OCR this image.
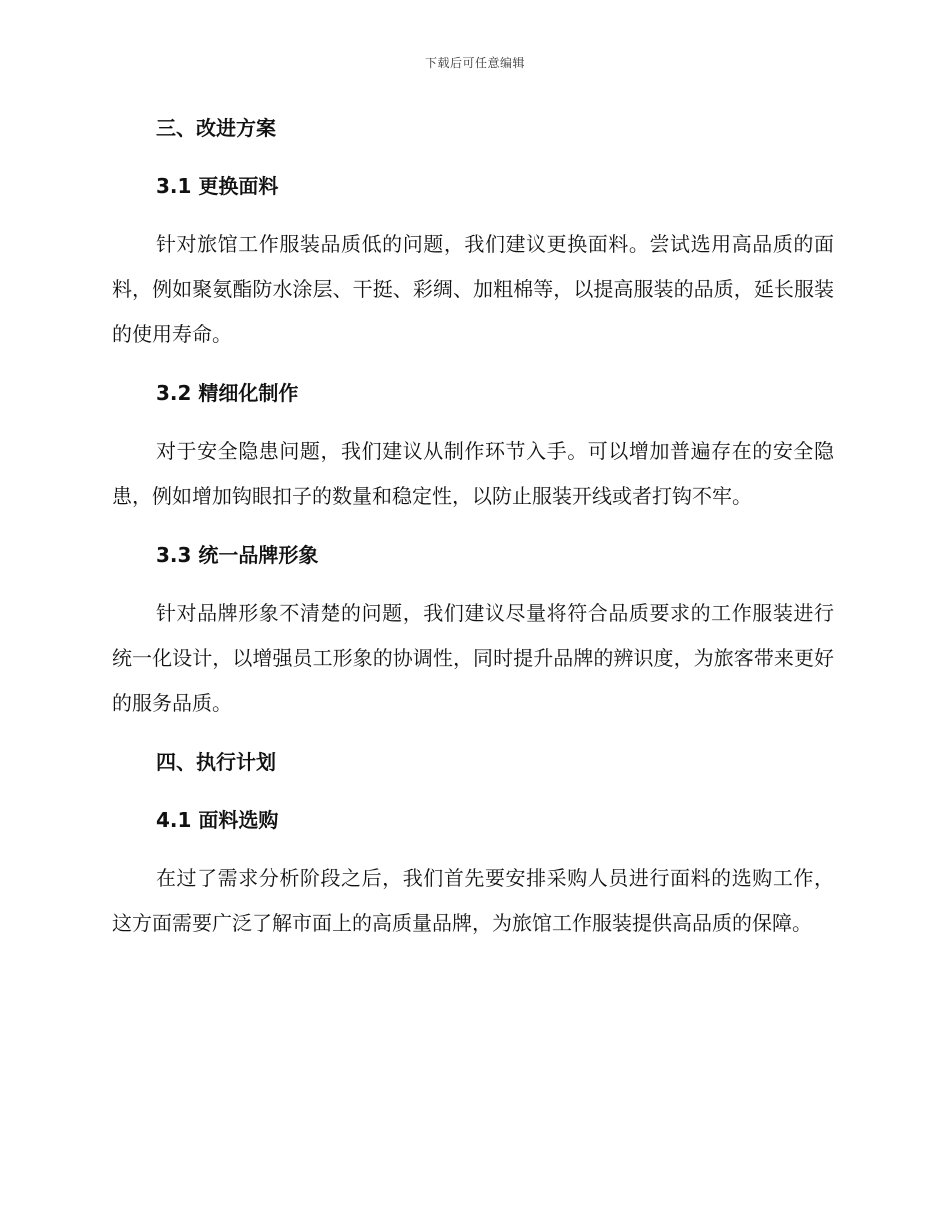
下载后可任意编辑
三、改进方案
3.1 更换面料
针对旅馆工作服装品质低的问题，我们建议更换面料。尝试选用高品质的面料，例如聚氨酯防水涂层、干挺、彩绸、加粗棉等，以提高服装的品质，延长服装的使用寿命。
3.2 精细化制作
对于安全隐患问题，我们建议从制作环节入手。可以增加普遍存在的安全隐患，例如增加钩眼扣子的数量和稳定性，以防止服装开线或者打钩不牢。
3.3 统一品牌形象
针对品牌形象不清楚的问题，我们建议尽量将符合品质要求的工作服装进行统一化设计，以增强员工形象的协调性，同时提升品牌的辨识度，为旅客带来更好的服务品质。
四、执行计划
4.1 面料选购
在过了需求分析阶段之后，我们首先要安排采购人员进行面料的选购工作，这方面需要广泛了解市面上的高质量品牌，为旅馆工作服装提供高品质的保障。
